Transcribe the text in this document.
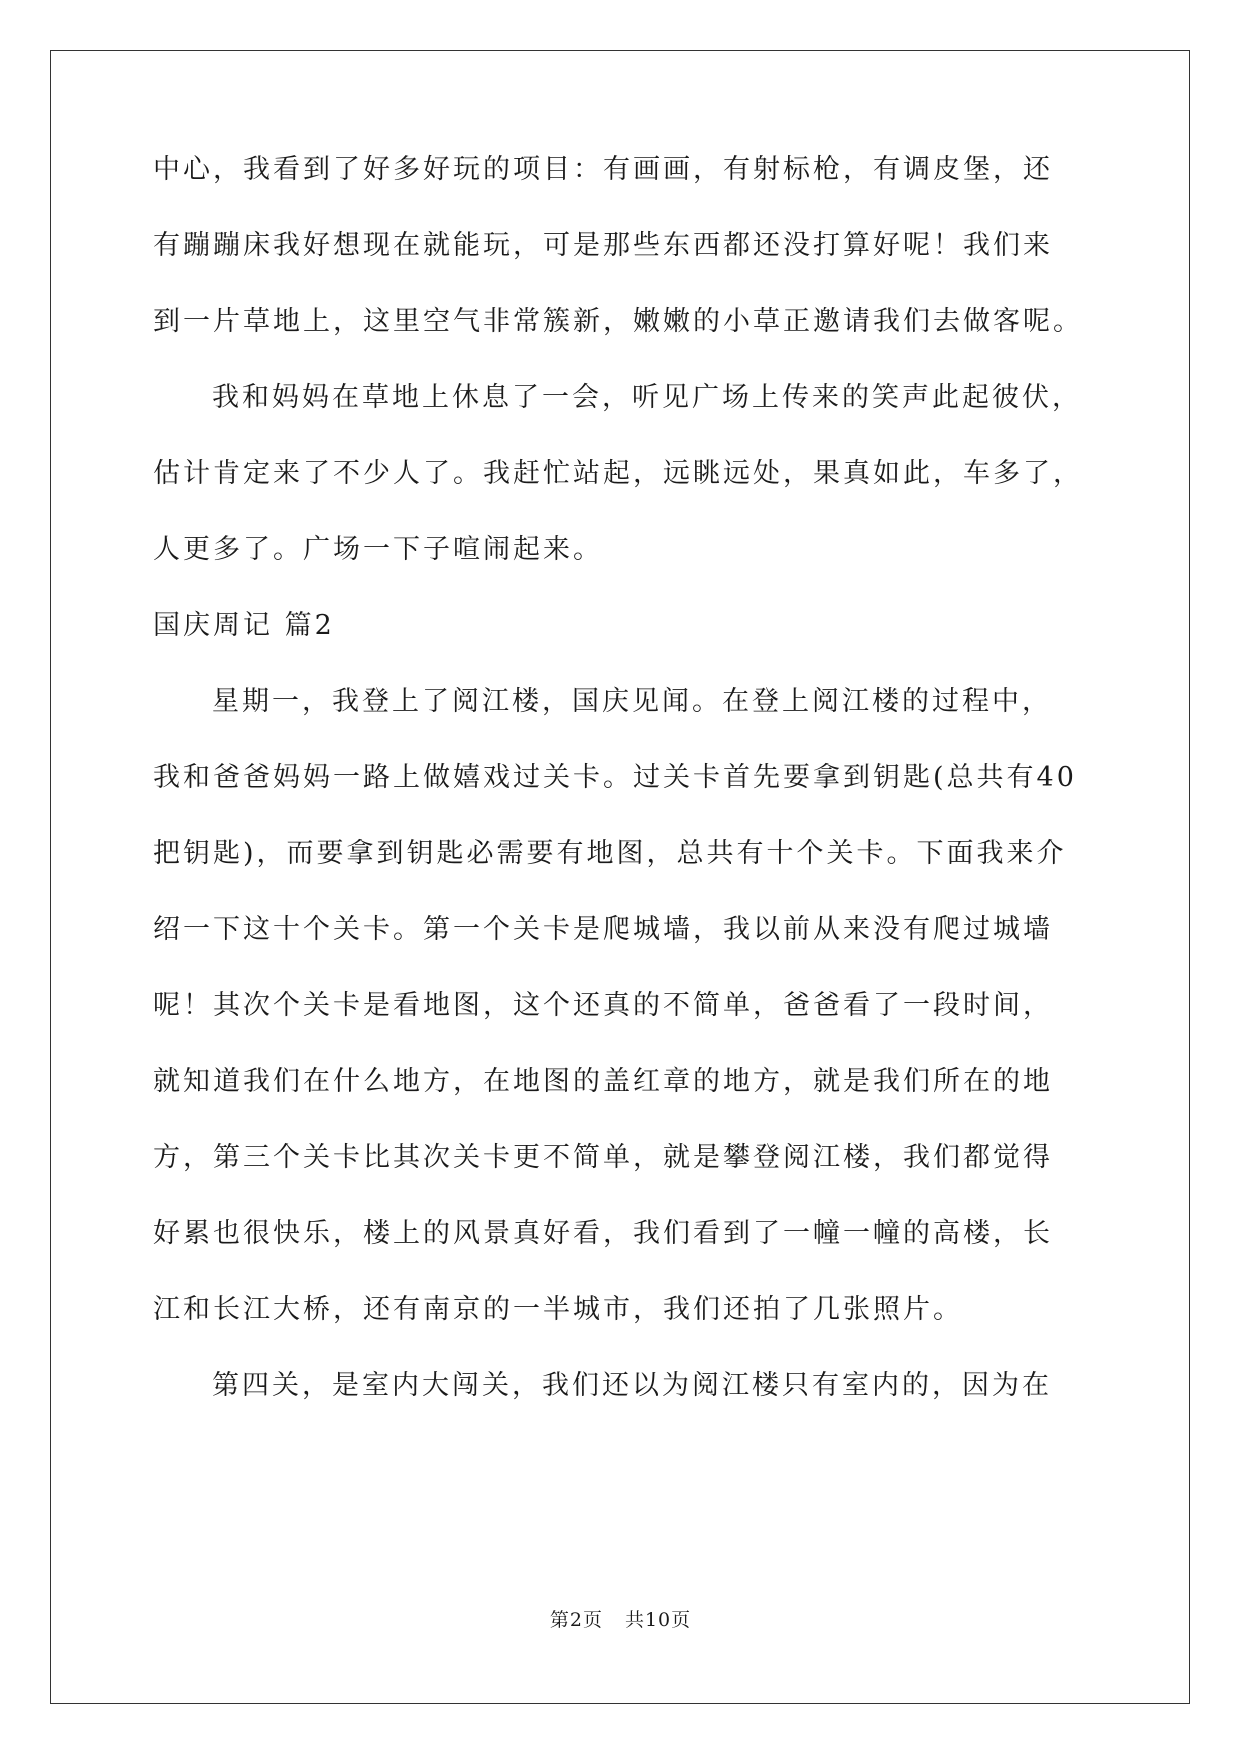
中心，我看到了好多好玩的项目：有画画，有射标枪，有调皮堡，还
有蹦蹦床我好想现在就能玩，可是那些东西都还没打算好呢！我们来
到一片草地上，这里空气非常簇新，嫩嫩的小草正邀请我们去做客呢。
我和妈妈在草地上休息了一会，听见广场上传来的笑声此起彼伏，
估计肯定来了不少人了。我赶忙站起，远眺远处，果真如此，车多了，
人更多了。广场一下子喧闹起来。
国庆周记 篇2
星期一，我登上了阅江楼，国庆见闻。在登上阅江楼的过程中，
我和爸爸妈妈一路上做嬉戏过关卡。过关卡首先要拿到钥匙(总共有40
把钥匙)，而要拿到钥匙必需要有地图，总共有十个关卡。下面我来介
绍一下这十个关卡。第一个关卡是爬城墙，我以前从来没有爬过城墙
呢！其次个关卡是看地图，这个还真的不简单，爸爸看了一段时间，
就知道我们在什么地方，在地图的盖红章的地方，就是我们所在的地
方，第三个关卡比其次关卡更不简单，就是攀登阅江楼，我们都觉得
好累也很快乐，楼上的风景真好看，我们看到了一幢一幢的高楼，长
江和长江大桥，还有南京的一半城市，我们还拍了几张照片。
第四关，是室内大闯关，我们还以为阅江楼只有室内的，因为在
第2页 共10页
